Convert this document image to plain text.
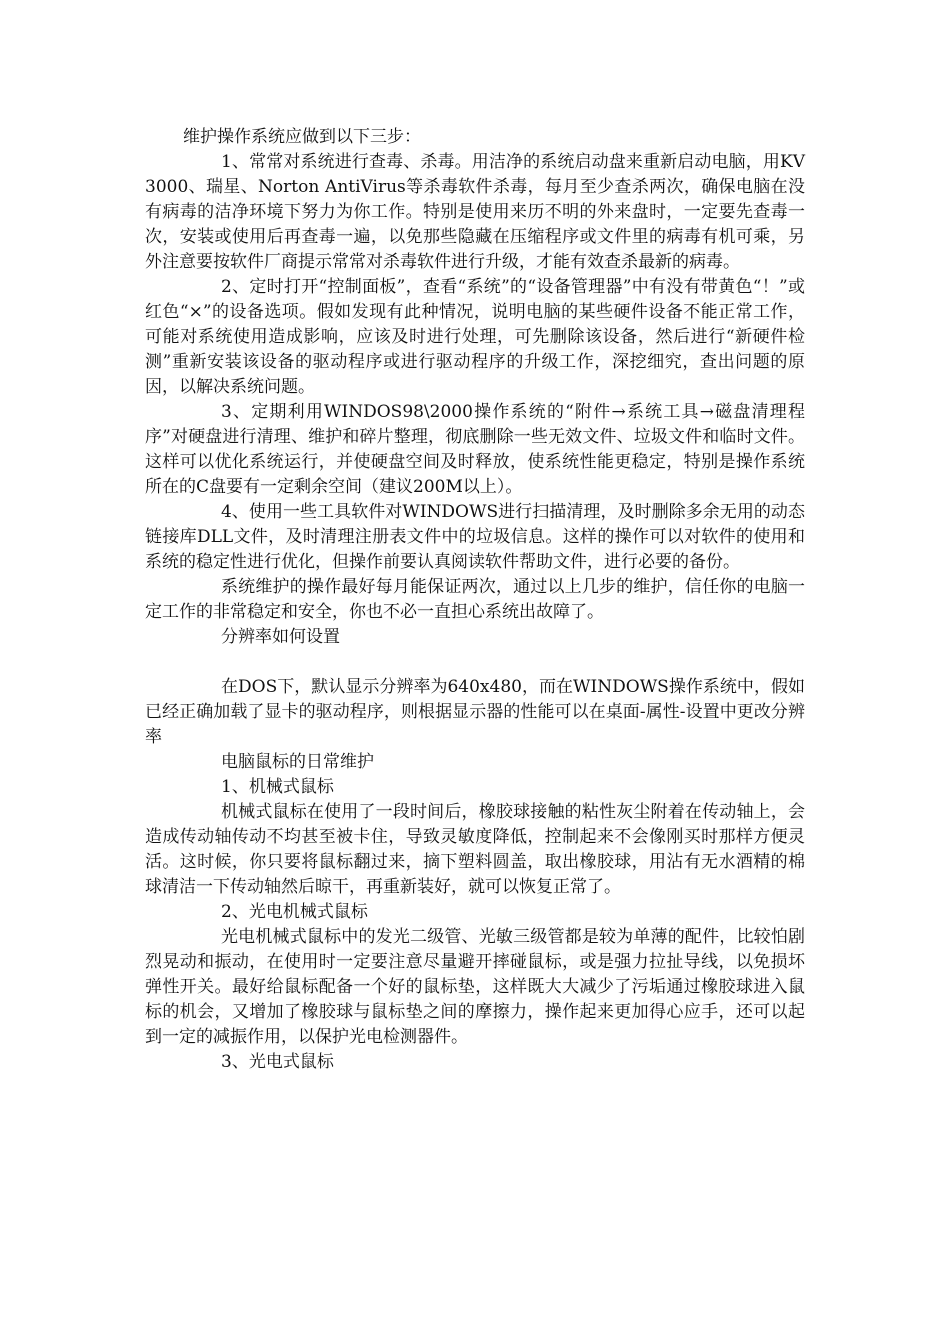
维护操作系统应做到以下三步：

1、常常对系统进行查毒、杀毒。用洁净的系统启动盘来重新启动电脑，用KV3000、瑞星、Norton AntiVirus等杀毒软件杀毒，每月至少查杀两次，确保电脑在没有病毒的洁净环境下努力为你工作。特别是使用来历不明的外来盘时，一定要先查毒一次，安装或使用后再查毒一遍，以免那些隐藏在压缩程序或文件里的病毒有机可乘，另外注意要按软件厂商提示常常对杀毒软件进行升级，才能有效查杀最新的病毒。

2、定时打开“控制面板”，查看“系统”的“设备管理器”中有没有带黄色“！”或红色“×”的设备选项。假如发现有此种情况，说明电脑的某些硬件设备不能正常工作，可能对系统使用造成影响，应该及时进行处理，可先删除该设备，然后进行“新硬件检测”重新安装该设备的驱动程序或进行驱动程序的升级工作，深挖细究，查出问题的原因，以解决系统问题。

3、定期利用WINDOS98\2000操作系统的“附件→系统工具→磁盘清理程序”对硬盘进行清理、维护和碎片整理，彻底删除一些无效文件、垃圾文件和临时文件。这样可以优化系统运行，并使硬盘空间及时释放，使系统性能更稳定，特别是操作系统所在的C盘要有一定剩余空间（建议200M以上）。

4、使用一些工具软件对WINDOWS进行扫描清理，及时删除多余无用的动态链接库DLL文件，及时清理注册表文件中的垃圾信息。这样的操作可以对软件的使用和系统的稳定性进行优化，但操作前要认真阅读软件帮助文件，进行必要的备份。

系统维护的操作最好每月能保证两次，通过以上几步的维护，信任你的电脑一定工作的非常稳定和安全，你也不必一直担心系统出故障了。

分辨率如何设置

在DOS下，默认显示分辨率为640x480，而在WINDOWS操作系统中，假如已经正确加载了显卡的驱动程序，则根据显示器的性能可以在桌面-属性-设置中更改分辨率

电脑鼠标的日常维护

1、机械式鼠标

机械式鼠标在使用了一段时间后，橡胶球接触的粘性灰尘附着在传动轴上，会造成传动轴传动不均甚至被卡住，导致灵敏度降低，控制起来不会像刚买时那样方便灵活。这时候，你只要将鼠标翻过来，摘下塑料圆盖，取出橡胶球，用沾有无水酒精的棉球清洁一下传动轴然后晾干，再重新装好，就可以恢复正常了。

2、光电机械式鼠标

光电机械式鼠标中的发光二级管、光敏三级管都是较为单薄的配件，比较怕剧烈晃动和振动，在使用时一定要注意尽量避开摔碰鼠标，或是强力拉扯导线，以免损坏弹性开关。最好给鼠标配备一个好的鼠标垫，这样既大大减少了污垢通过橡胶球进入鼠标的机会，又增加了橡胶球与鼠标垫之间的摩擦力，操作起来更加得心应手，还可以起到一定的减振作用，以保护光电检测器件。

3、光电式鼠标
